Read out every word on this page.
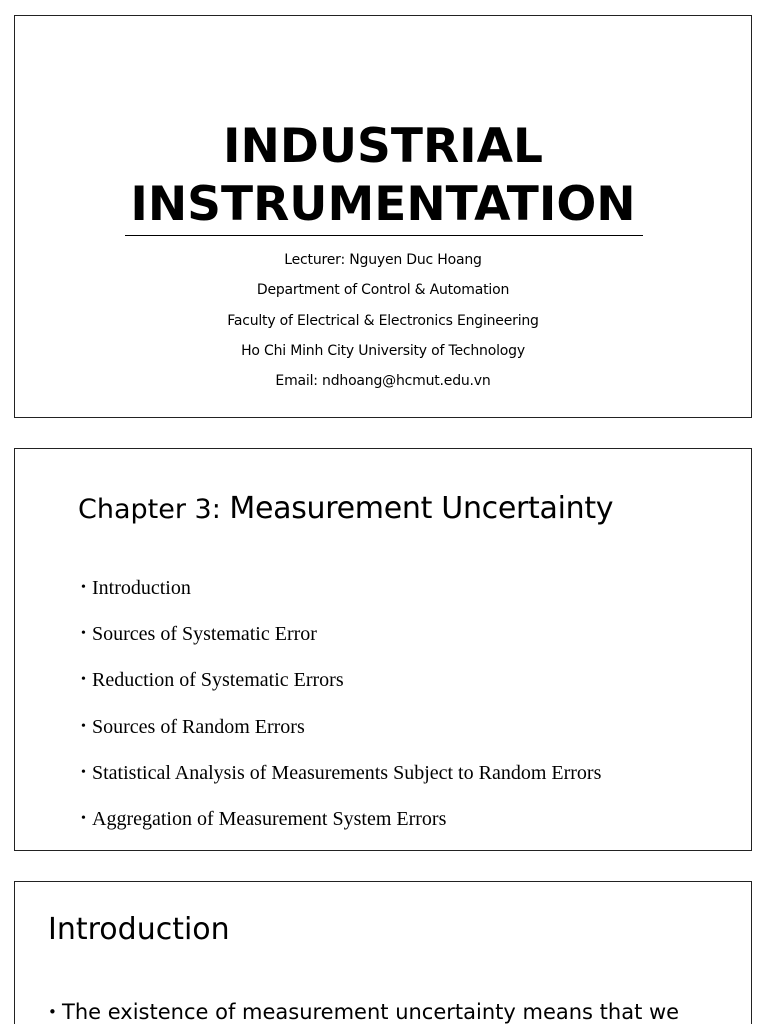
INDUSTRIAL
INSTRUMENTATION
Lecturer: Nguyen Duc Hoang
Department of Control & Automation
Faculty of Electrical & Electronics Engineering
Ho Chi Minh City University of Technology
Email: ndhoang@hcmut.edu.vn
Chapter 3: Measurement Uncertainty
• Introduction
• Sources of Systematic Error
• Reduction of Systematic Errors
• Sources of Random Errors
• Statistical Analysis of Measurements Subject to Random Errors
• Aggregation of Measurement System Errors
Introduction
• The existence of measurement uncertainty means that we
